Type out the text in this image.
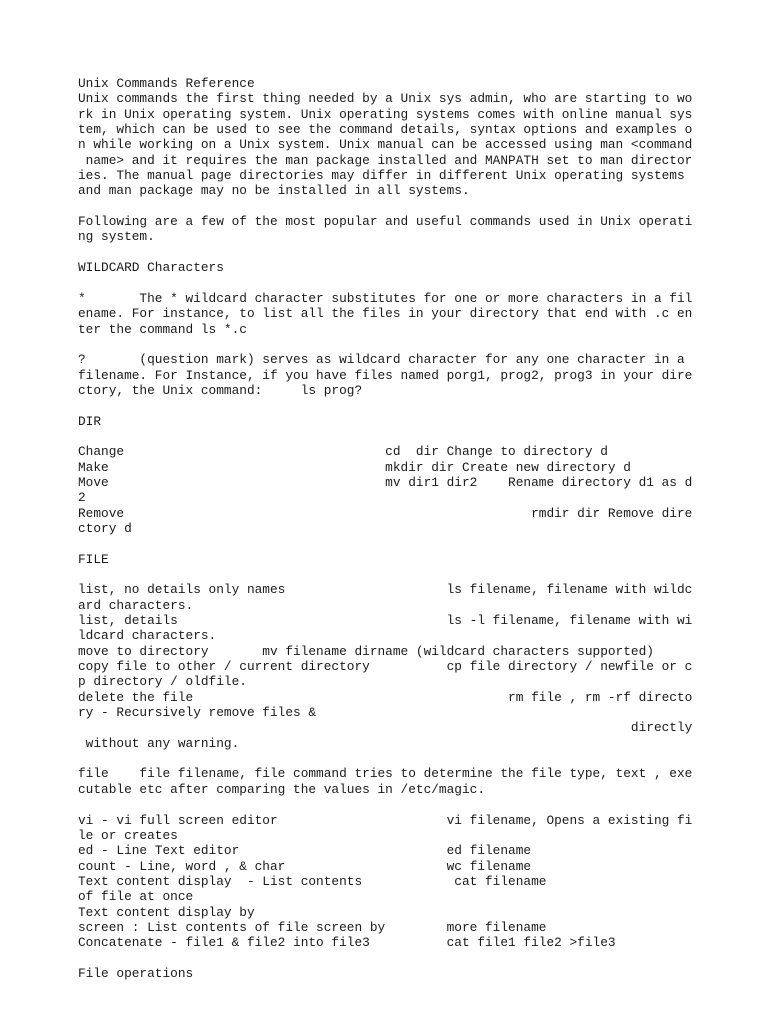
Unix Commands Reference
Unix commands the first thing needed by a Unix sys admin, who are starting to wo
rk in Unix operating system. Unix operating systems comes with online manual sys
tem, which can be used to see the command details, syntax options and examples o
n while working on a Unix system. Unix manual can be accessed using man <command
name> and it requires the man package installed and MANPATH set to man director
ies. The manual page directories may differ in different Unix operating systems
and man package may no be installed in all systems.
Following are a few of the most popular and useful commands used in Unix operati
ng system.
WILDCARD Characters
*       The * wildcard character substitutes for one or more characters in a fil
ename. For instance, to list all the files in your directory that end with .c en
ter the command ls *.c
?       (question mark) serves as wildcard character for any one character in a
filename. For Instance, if you have files named porg1, prog2, prog3 in your dire
ctory, the Unix command:     ls prog?
DIR
Change                                  cd  dir Change to directory d
Make                                    mkdir dir Create new directory d
Move                                    mv dir1 dir2    Rename directory d1 as d
2
Remove                                                     rmdir dir Remove dire
ctory d
FILE
list, no details only names                     ls filename, filename with wildc
ard characters.
list, details                                   ls -l filename, filename with wi
ldcard characters.
move to directory       mv filename dirname (wildcard characters supported)
copy file to other / current directory          cp file directory / newfile or c
p directory / oldfile.
delete the file                                         rm file , rm -rf directo
ry - Recursively remove files &
directly
without any warning.
file    file filename, file command tries to determine the file type, text , exe
cutable etc after comparing the values in /etc/magic.
vi - vi full screen editor                      vi filename, Opens a existing fi
le or creates
ed - Line Text editor                           ed filename
count - Line, word , & char                     wc filename
Text content display  - List contents            cat filename
of file at once
Text content display by
screen : List contents of file screen by        more filename
Concatenate - file1 & file2 into file3          cat file1 file2 >file3
File operations
